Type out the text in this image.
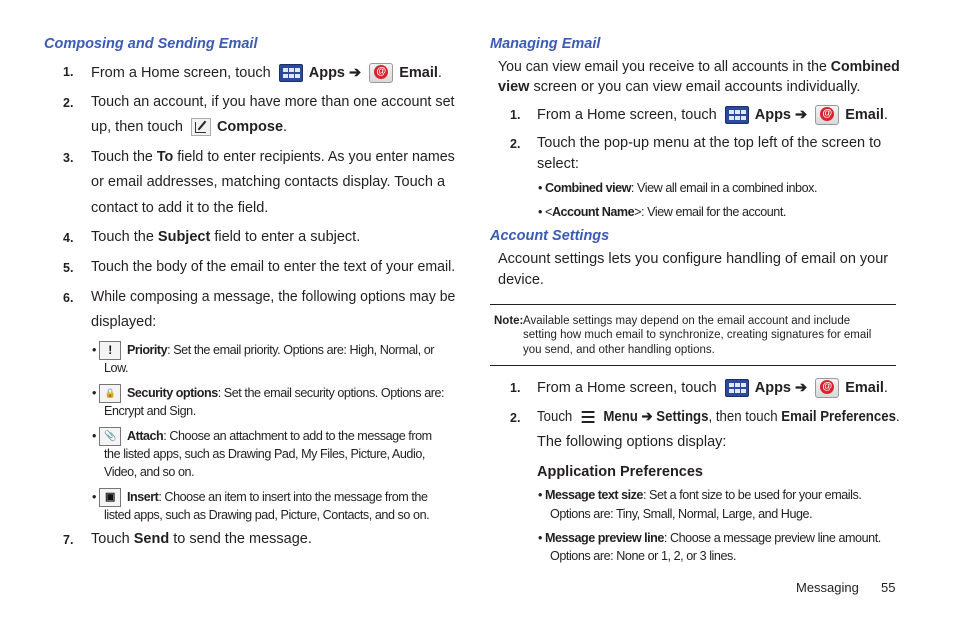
Composing and Sending Email
1. From a Home screen, touch	Apps ➔ @	Email.
2. Touch an account, if you have more than one account set
up, then touch Compose.
3. Touch the To field to enter recipients. As you enter names
or email addresses, matching contacts display. Touch a
contact to add it to the field.
4. Touch the Subject field to enter a subject.
5. Touch the body of the email to enter the text of your email.
6. While composing a message, the following options may be
displayed:
• ! Priority: Set the email priority. Options are: High, Normal, or
Low.
• 🔒 Security options: Set the email security options. Options are:
Encrypt and Sign.
• 📎 Attach: Choose an attachment to add to the message from
the listed apps, such as Drawing Pad, My Files, Picture, Audio,
Video, and so on.
• ▣ Insert: Choose an item to insert into the message from the
listed apps, such as Drawing pad, Picture, Contacts, and so on.
7. Touch Send to send the message.
Managing Email
You can view email you receive to all accounts in the Combined
view screen or you can view email accounts individually.
1. From a Home screen, touch	Apps ➔ @	Email.
2. Touch the pop-up menu at the top left of the screen to
select:
• Combined view: View all email in a combined inbox.
• <Account Name>: View email for the account.
Account Settings
Account settings lets you configure handling of email on your
device.
Note: Available settings may depend on the email account and include
setting how much email to synchronize, creating signatures for email
you send, and other handling options.
1. From a Home screen, touch	Apps ➔ @	Email.
2. Touch Menu ➔ Settings, then touch Email Preferences.
The following options display:
Application Preferences
• Message text size: Set a font size to be used for your emails.
Options are: Tiny, Small, Normal, Large, and Huge.
• Message preview line: Choose a message preview line amount.
Options are: None or 1, 2, or 3 lines.
Messaging 55
